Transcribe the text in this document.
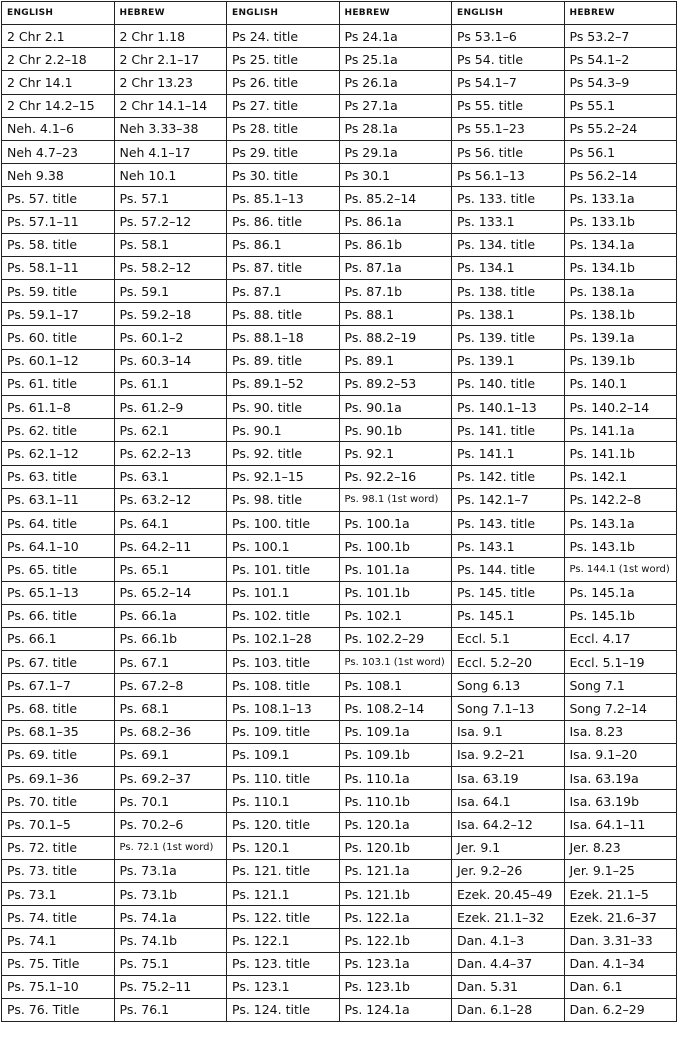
ENGLISH	HEBREW	ENGLISH	HEBREW	ENGLISH	HEBREW
2 Chr 2.1	2 Chr 1.18	Ps 24. title	Ps 24.1a	Ps 53.1–6	Ps 53.2–7
2 Chr 2.2–18	2 Chr 2.1–17	Ps 25. title	Ps 25.1a	Ps 54. title	Ps 54.1–2
2 Chr 14.1	2 Chr 13.23	Ps 26. title	Ps 26.1a	Ps 54.1–7	Ps 54.3–9
2 Chr 14.2–15	2 Chr 14.1–14	Ps 27. title	Ps 27.1a	Ps 55. title	Ps 55.1
Neh. 4.1–6	Neh 3.33–38	Ps 28. title	Ps 28.1a	Ps 55.1–23	Ps 55.2–24
Neh 4.7–23	Neh 4.1–17	Ps 29. title	Ps 29.1a	Ps 56. title	Ps 56.1
Neh 9.38	Neh 10.1	Ps 30. title	Ps 30.1	Ps 56.1–13	Ps 56.2–14
Ps. 57. title	Ps. 57.1	Ps. 85.1–13	Ps. 85.2–14	Ps. 133. title	Ps. 133.1a
Ps. 57.1–11	Ps. 57.2–12	Ps. 86. title	Ps. 86.1a	Ps. 133.1	Ps. 133.1b
Ps. 58. title	Ps. 58.1	Ps. 86.1	Ps. 86.1b	Ps. 134. title	Ps. 134.1a
Ps. 58.1–11	Ps. 58.2–12	Ps. 87. title	Ps. 87.1a	Ps. 134.1	Ps. 134.1b
Ps. 59. title	Ps. 59.1	Ps. 87.1	Ps. 87.1b	Ps. 138. title	Ps. 138.1a
Ps. 59.1–17	Ps. 59.2–18	Ps. 88. title	Ps. 88.1	Ps. 138.1	Ps. 138.1b
Ps. 60. title	Ps. 60.1–2	Ps. 88.1–18	Ps. 88.2–19	Ps. 139. title	Ps. 139.1a
Ps. 60.1–12	Ps. 60.3–14	Ps. 89. title	Ps. 89.1	Ps. 139.1	Ps. 139.1b
Ps. 61. title	Ps. 61.1	Ps. 89.1–52	Ps. 89.2–53	Ps. 140. title	Ps. 140.1
Ps. 61.1–8	Ps. 61.2–9	Ps. 90. title	Ps. 90.1a	Ps. 140.1–13	Ps. 140.2–14
Ps. 62. title	Ps. 62.1	Ps. 90.1	Ps. 90.1b	Ps. 141. title	Ps. 141.1a
Ps. 62.1–12	Ps. 62.2–13	Ps. 92. title	Ps. 92.1	Ps. 141.1	Ps. 141.1b
Ps. 63. title	Ps. 63.1	Ps. 92.1–15	Ps. 92.2–16	Ps. 142. title	Ps. 142.1
Ps. 63.1–11	Ps. 63.2–12	Ps. 98. title	Ps. 98.1 (1st word)	Ps. 142.1–7	Ps. 142.2–8
Ps. 64. title	Ps. 64.1	Ps. 100. title	Ps. 100.1a	Ps. 143. title	Ps. 143.1a
Ps. 64.1–10	Ps. 64.2–11	Ps. 100.1	Ps. 100.1b	Ps. 143.1	Ps. 143.1b
Ps. 65. title	Ps. 65.1	Ps. 101. title	Ps. 101.1a	Ps. 144. title	Ps. 144.1 (1st word)
Ps. 65.1–13	Ps. 65.2–14	Ps. 101.1	Ps. 101.1b	Ps. 145. title	Ps. 145.1a
Ps. 66. title	Ps. 66.1a	Ps. 102. title	Ps. 102.1	Ps. 145.1	Ps. 145.1b
Ps. 66.1	Ps. 66.1b	Ps. 102.1–28	Ps. 102.2–29	Eccl. 5.1	Eccl. 4.17
Ps. 67. title	Ps. 67.1	Ps. 103. title	Ps. 103.1 (1st word)	Eccl. 5.2–20	Eccl. 5.1–19
Ps. 67.1–7	Ps. 67.2–8	Ps. 108. title	Ps. 108.1	Song 6.13	Song 7.1
Ps. 68. title	Ps. 68.1	Ps. 108.1–13	Ps. 108.2–14	Song 7.1–13	Song 7.2–14
Ps. 68.1–35	Ps. 68.2–36	Ps. 109. title	Ps. 109.1a	Isa. 9.1	Isa. 8.23
Ps. 69. title	Ps. 69.1	Ps. 109.1	Ps. 109.1b	Isa. 9.2–21	Isa. 9.1–20
Ps. 69.1–36	Ps. 69.2–37	Ps. 110. title	Ps. 110.1a	Isa. 63.19	Isa. 63.19a
Ps. 70. title	Ps. 70.1	Ps. 110.1	Ps. 110.1b	Isa. 64.1	Isa. 63.19b
Ps. 70.1–5	Ps. 70.2–6	Ps. 120. title	Ps. 120.1a	Isa. 64.2–12	Isa. 64.1–11
Ps. 72. title	Ps. 72.1 (1st word)	Ps. 120.1	Ps. 120.1b	Jer. 9.1	Jer. 8.23
Ps. 73. title	Ps. 73.1a	Ps. 121. title	Ps. 121.1a	Jer. 9.2–26	Jer. 9.1–25
Ps. 73.1	Ps. 73.1b	Ps. 121.1	Ps. 121.1b	Ezek. 20.45–49	Ezek. 21.1–5
Ps. 74. title	Ps. 74.1a	Ps. 122. title	Ps. 122.1a	Ezek. 21.1–32	Ezek. 21.6–37
Ps. 74.1	Ps. 74.1b	Ps. 122.1	Ps. 122.1b	Dan. 4.1–3	Dan. 3.31–33
Ps. 75. Title	Ps. 75.1	Ps. 123. title	Ps. 123.1a	Dan. 4.4–37	Dan. 4.1–34
Ps. 75.1–10	Ps. 75.2–11	Ps. 123.1	Ps. 123.1b	Dan. 5.31	Dan. 6.1
Ps. 76. Title	Ps. 76.1	Ps. 124. title	Ps. 124.1a	Dan. 6.1–28	Dan. 6.2–29
